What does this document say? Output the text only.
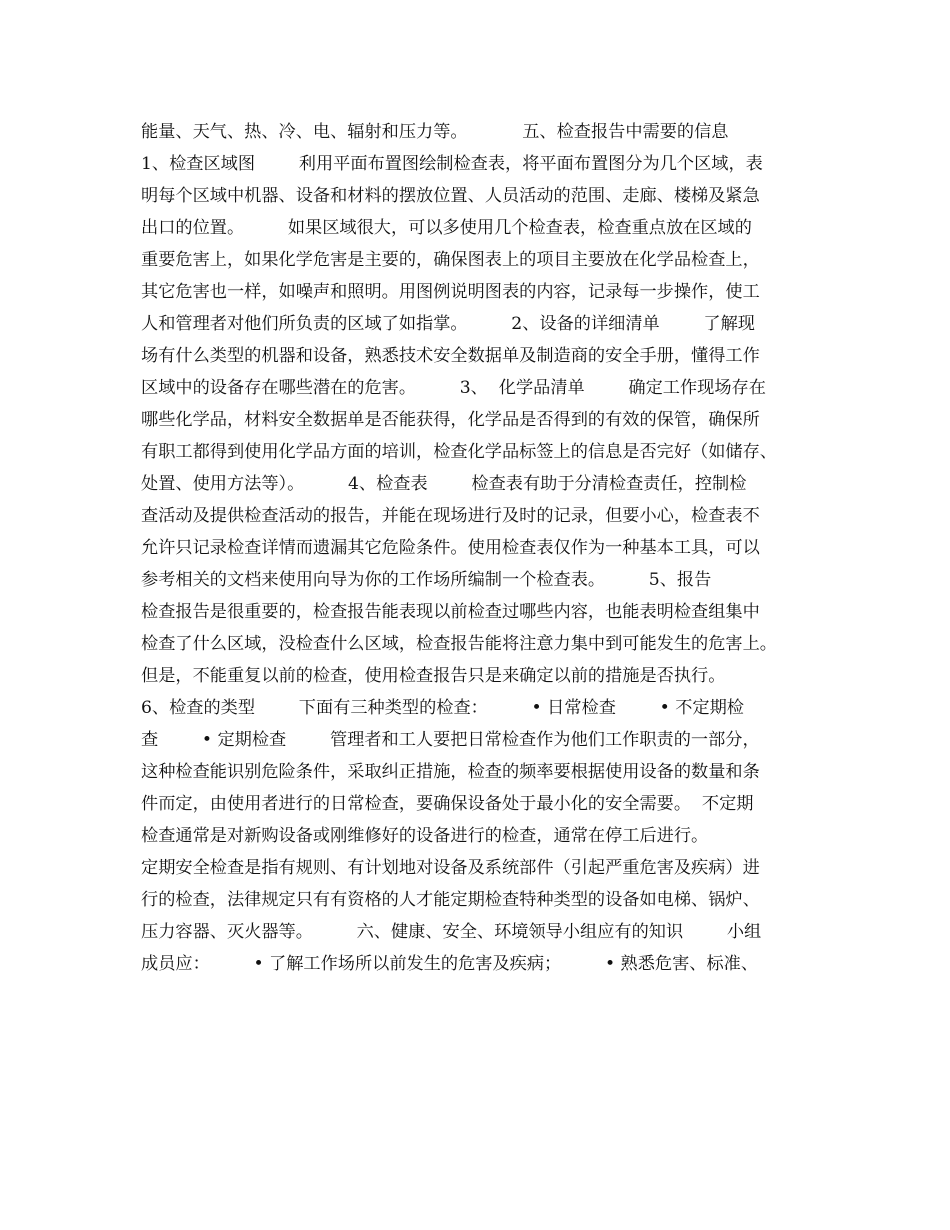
能量、天气、热、冷、电、辐射和压力等。          五、检查报告中需要的信息
1、检查区域图        利用平面布置图绘制检查表，将平面布置图分为几个区域，表
明每个区域中机器、设备和材料的摆放位置、人员活动的范围、走廊、楼梯及紧急
出口的位置。        如果区域很大，可以多使用几个检查表，检查重点放在区域的
重要危害上，如果化学危害是主要的，确保图表上的项目主要放在化学品检查上，
其它危害也一样，如噪声和照明。用图例说明图表的内容，记录每一步操作，使工
人和管理者对他们所负责的区域了如指掌。        2、设备的详细清单        了解现
场有什么类型的机器和设备，熟悉技术安全数据单及制造商的安全手册，懂得工作
区域中的设备存在哪些潜在的危害。        3、  化学品清单        确定工作现场存在
哪些化学品，材料安全数据单是否能获得，化学品是否得到的有效的保管，确保所
有职工都得到使用化学品方面的培训，检查化学品标签上的信息是否完好（如储存、
处置、使用方法等）。        4、检查表        检查表有助于分清检查责任，控制检
查活动及提供检查活动的报告，并能在现场进行及时的记录，但要小心，检查表不
允许只记录检查详情而遗漏其它危险条件。使用检查表仅作为一种基本工具，可以
参考相关的文档来使用向导为你的工作场所编制一个检查表。        5、报告
检查报告是很重要的，检查报告能表现以前检查过哪些内容，也能表明检查组集中
检查了什么区域，没检查什么区域，检查报告能将注意力集中到可能发生的危害上。
但是，不能重复以前的检查，使用检查报告只是来确定以前的措施是否执行。
6、检查的类型        下面有三种类型的检查：        • 日常检查        • 不定期检
查        • 定期检查        管理者和工人要把日常检查作为他们工作职责的一部分，
这种检查能识别危险条件，采取纠正措施，检查的频率要根据使用设备的数量和条
件而定，由使用者进行的日常检查，要确保设备处于最小化的安全需要。  不定期
检查通常是对新购设备或刚维修好的设备进行的检查，通常在停工后进行。
定期安全检查是指有规则、有计划地对设备及系统部件（引起严重危害及疾病）进
行的检查，法律规定只有有资格的人才能定期检查特种类型的设备如电梯、锅炉、
压力容器、灭火器等。        六、健康、安全、环境领导小组应有的知识        小组
成员应：        • 了解工作场所以前发生的危害及疾病；        • 熟悉危害、标准、
